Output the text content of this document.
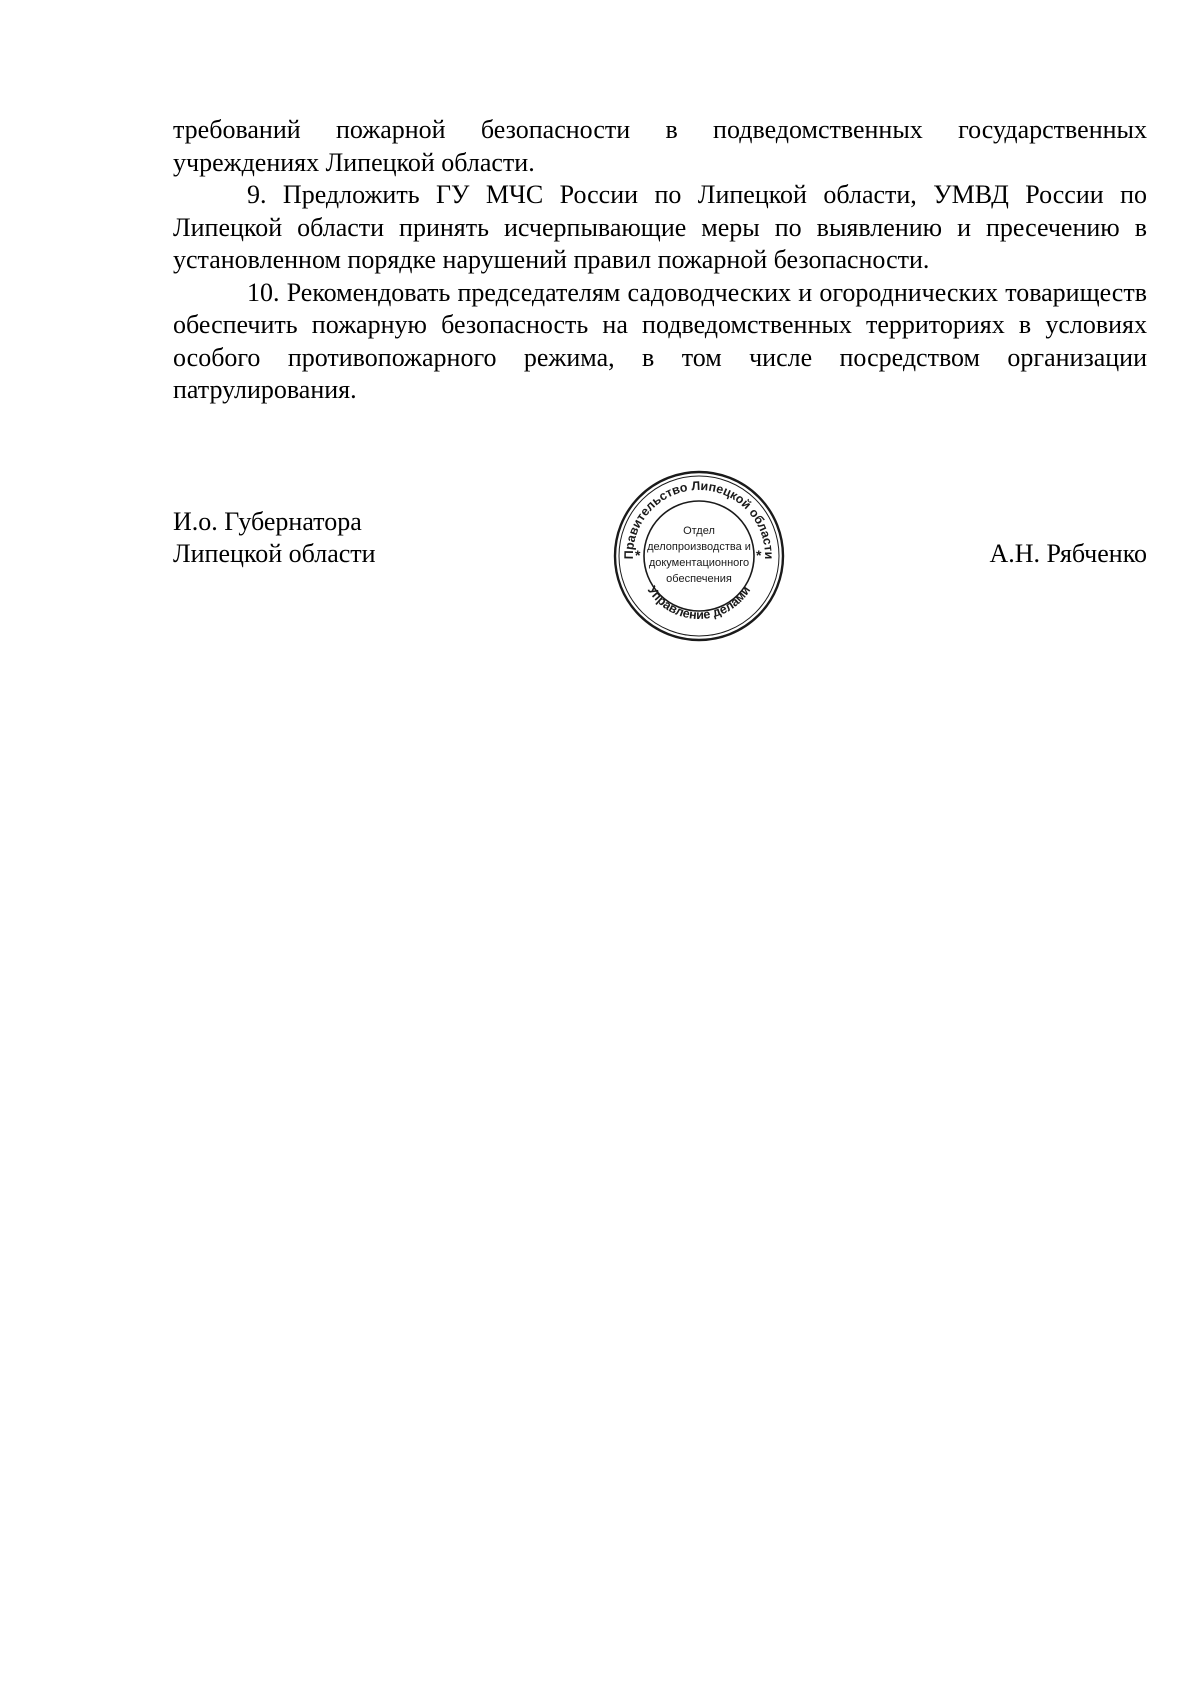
требований пожарной безопасности в подведомственных государственных учреждениях Липецкой области.

9. Предложить ГУ МЧС России по Липецкой области, УМВД России по Липецкой области принять исчерпывающие меры по выявлению и пресечению в установленном порядке нарушений правил пожарной безопасности.

10. Рекомендовать председателям садоводческих и огороднических товариществ обеспечить пожарную безопасность на подведомственных территориях в условиях особого противопожарного режима, в том числе посредством организации патрулирования.

И.о. Губернатора
Липецкой области	Правительство Липецкой области
Управление делами
*	*
Отдел
делопроизводства и
документационного
обеспечения
А.Н. Рябченко
